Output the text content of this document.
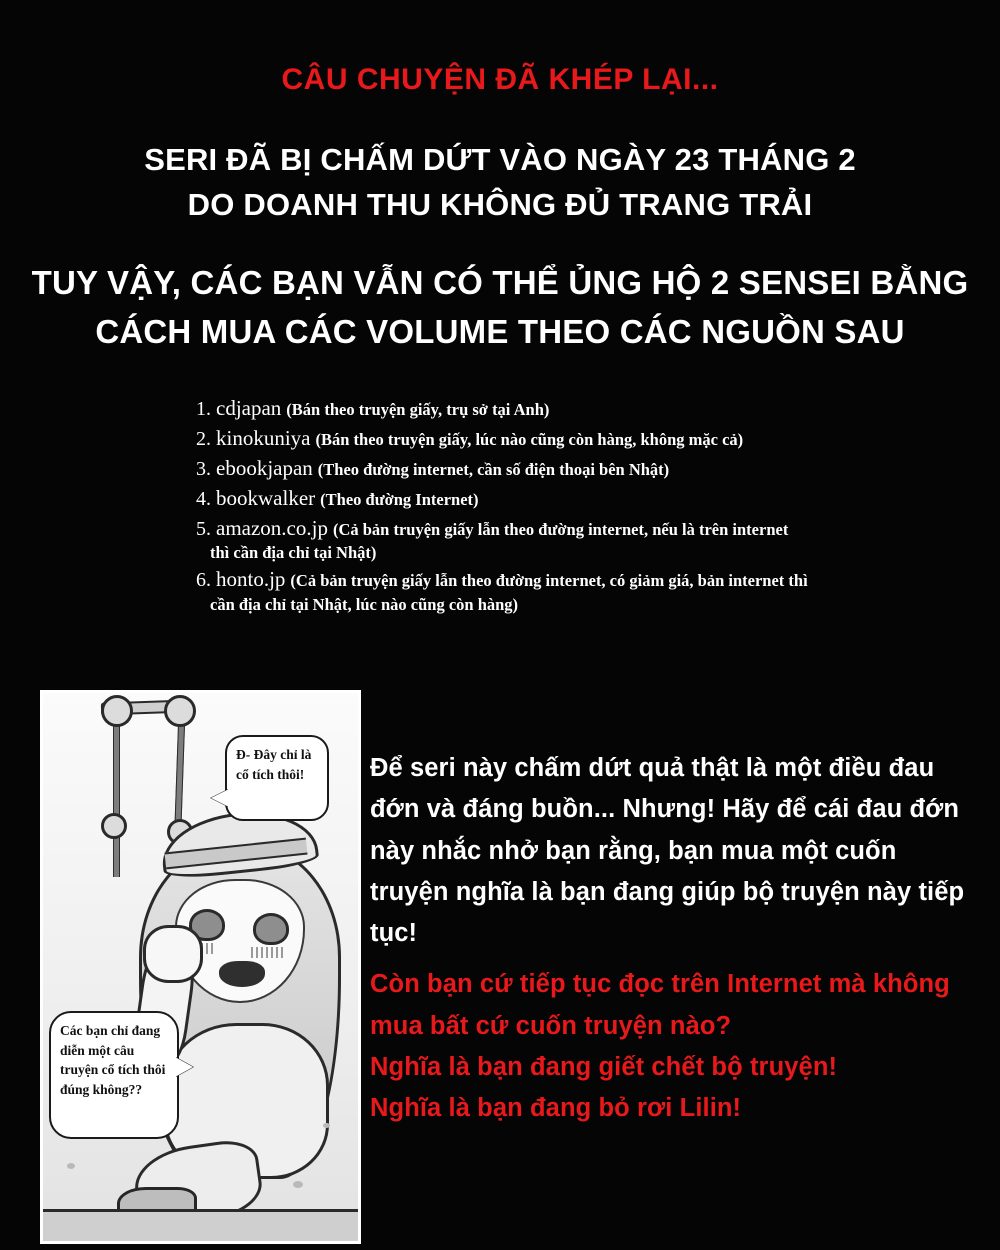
CÂU CHUYỆN ĐÃ KHÉP LẠI...
SERI ĐÃ BỊ CHẤM DỨT VÀO NGÀY 23 THÁNG 2
DO DOANH THU KHÔNG ĐỦ TRANG TRẢI
TUY VẬY, CÁC BẠN VẪN CÓ THỂ ỦNG HỘ 2 SENSEI BẰNG
CÁCH MUA CÁC VOLUME THEO CÁC NGUỒN SAU
1. cdjapan (Bán theo truyện giấy, trụ sở tại Anh)
2. kinokuniya (Bán theo truyện giấy, lúc nào cũng còn hàng, không mặc cả)
3. ebookjapan (Theo đường internet, cần số điện thoại bên Nhật)
4. bookwalker (Theo đường Internet)
5. amazon.co.jp (Cả bản truyện giấy lẫn theo đường internet, nếu là trên internet
thì cần địa chỉ tại Nhật)
6. honto.jp (Cả bản truyện giấy lẫn theo đường internet, có giảm giá, bản internet thì
cần địa chỉ tại Nhật, lúc nào cũng còn hàng)
Đ- Đây chỉ là cổ tích thôi!
Các bạn chỉ đang diễn một câu truyện cổ tích thôi đúng không??

Để seri này chấm dứt quả thật là một điều đau đớn và đáng buồn... Nhưng! Hãy để cái đau đớn này nhắc nhở bạn rằng, bạn mua một cuốn truyện nghĩa là bạn đang giúp bộ truyện này tiếp tục!

Còn bạn cứ tiếp tục đọc trên Internet mà không mua bất cứ cuốn truyện nào?

Nghĩa là bạn đang giết chết bộ truyện!

Nghĩa là bạn đang bỏ rơi Lilin!
